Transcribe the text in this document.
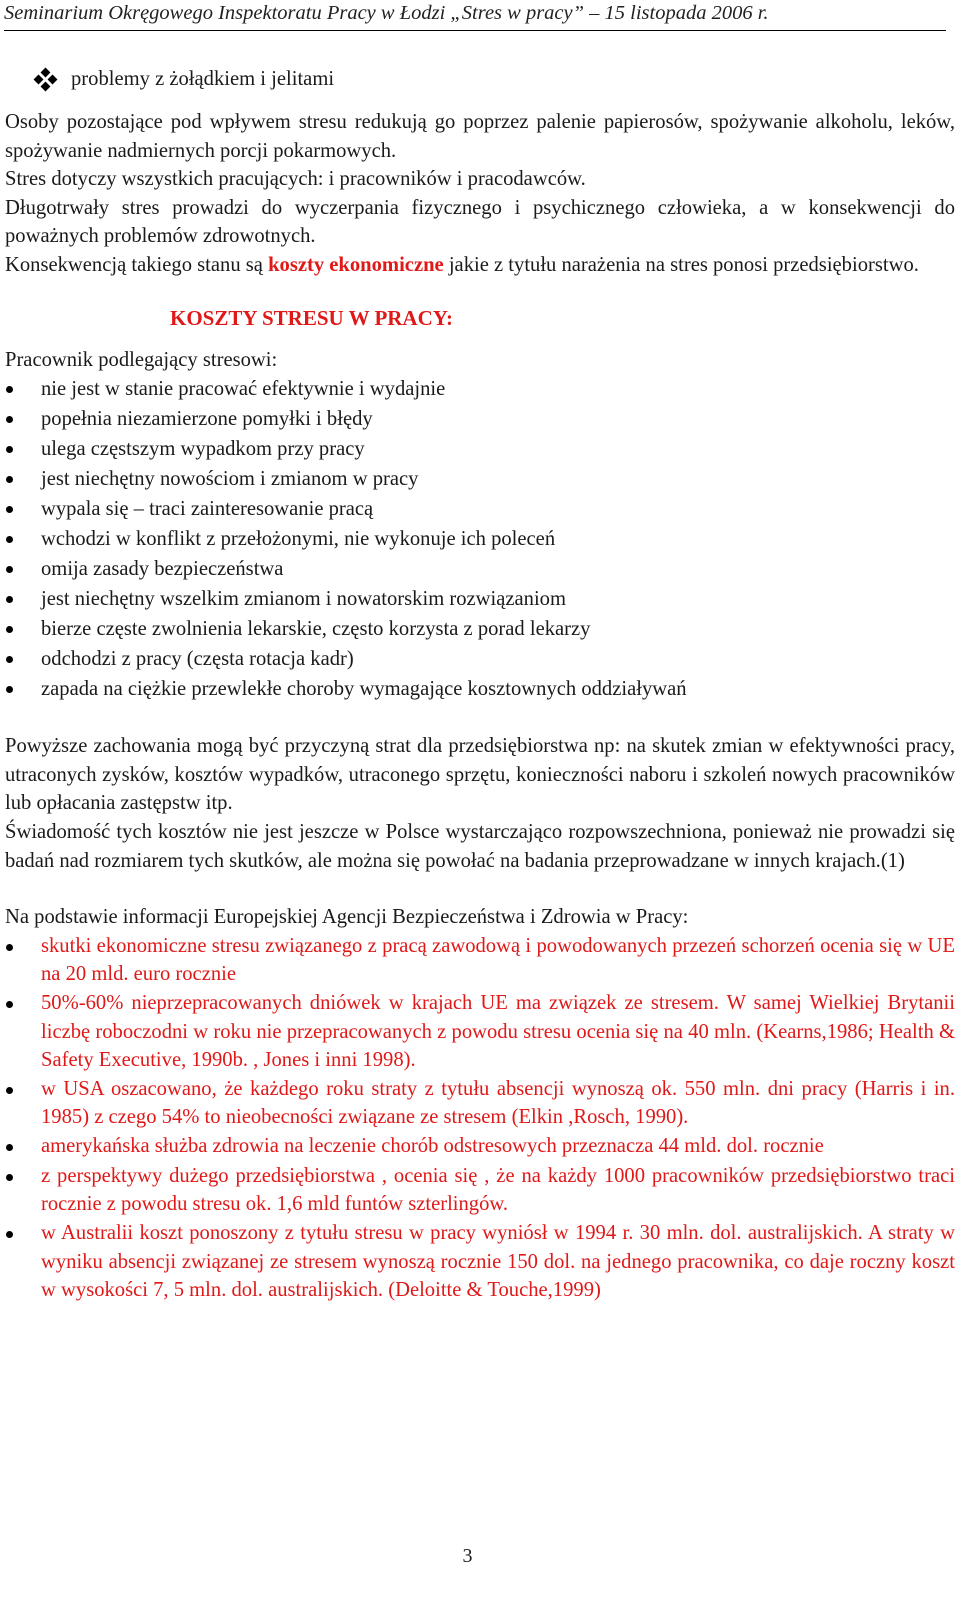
Seminarium Okręgowego Inspektoratu Pracy w Łodzi „Stres w pracy” – 15 listopada 2006 r.
problemy z żołądkiem i jelitami

Osoby pozostające pod wpływem stresu redukują go poprzez palenie papierosów, spożywanie alkoholu, leków, spożywanie nadmiernych porcji pokarmowych.

Stres dotyczy wszystkich pracujących: i pracowników i pracodawców.

Długotrwały stres prowadzi do wyczerpania fizycznego i psychicznego człowieka, a w konsekwencji do poważnych problemów zdrowotnych.

Konsekwencją takiego stanu są koszty ekonomiczne jakie z tytułu narażenia na stres ponosi przedsiębiorstwo.

KOSZTY STRESU W PRACY:

Pracownik podlegający stresowi:

nie jest w stanie pracować efektywnie i wydajnie
popełnia niezamierzone pomyłki i błędy
ulega częstszym wypadkom przy pracy
jest niechętny nowościom i zmianom w pracy
wypala się – traci zainteresowanie pracą
wchodzi w konflikt z przełożonymi, nie wykonuje ich poleceń
omija zasady bezpieczeństwa
jest niechętny wszelkim zmianom i nowatorskim rozwiązaniom
bierze częste zwolnienia lekarskie, często korzysta z porad lekarzy
odchodzi z pracy (częsta rotacja kadr)
zapada na ciężkie przewlekłe choroby wymagające kosztownych oddziaływań

Powyższe zachowania mogą być przyczyną strat dla przedsiębiorstwa np: na skutek zmian w efektywności pracy, utraconych zysków, kosztów wypadków, utraconego sprzętu, konieczności naboru i szkoleń nowych pracowników lub opłacania zastępstw itp.

Świadomość tych kosztów nie jest jeszcze w Polsce wystarczająco rozpowszechniona, ponieważ nie prowadzi się badań nad rozmiarem tych skutków, ale można się powołać na badania przeprowadzane w innych krajach.(1)

Na podstawie informacji Europejskiej Agencji Bezpieczeństwa i Zdrowia w Pracy:

skutki ekonomiczne stresu związanego z pracą zawodową i powodowanych przezeń schorzeń ocenia się w UE na 20 mld. euro rocznie
50%-60% nieprzepracowanych dniówek w krajach UE ma związek ze stresem. W samej Wielkiej Brytanii liczbę roboczodni w roku nie przepracowanych z powodu stresu ocenia się na 40 mln. (Kearns,1986; Health & Safety Executive, 1990b. , Jones i inni 1998).
w USA oszacowano, że każdego roku straty z tytułu absencji wynoszą ok. 550 mln. dni pracy (Harris i in. 1985) z czego 54% to nieobecności związane ze stresem (Elkin ,Rosch, 1990).
amerykańska służba zdrowia na leczenie chorób odstresowych przeznacza 44 mld. dol. rocznie
z perspektywy dużego przedsiębiorstwa , ocenia się , że na każdy 1000 pracowników przedsiębiorstwo traci rocznie z powodu stresu ok. 1,6 mld funtów szterlingów.
w Australii koszt ponoszony z tytułu stresu w pracy wyniósł w 1994 r. 30 mln. dol. australijskich. A straty w wyniku absencji związanej ze stresem wynoszą rocznie 150 dol. na jednego pracownika, co daje roczny koszt w wysokości 7, 5 mln. dol. australijskich. (Deloitte & Touche,1999)
3
